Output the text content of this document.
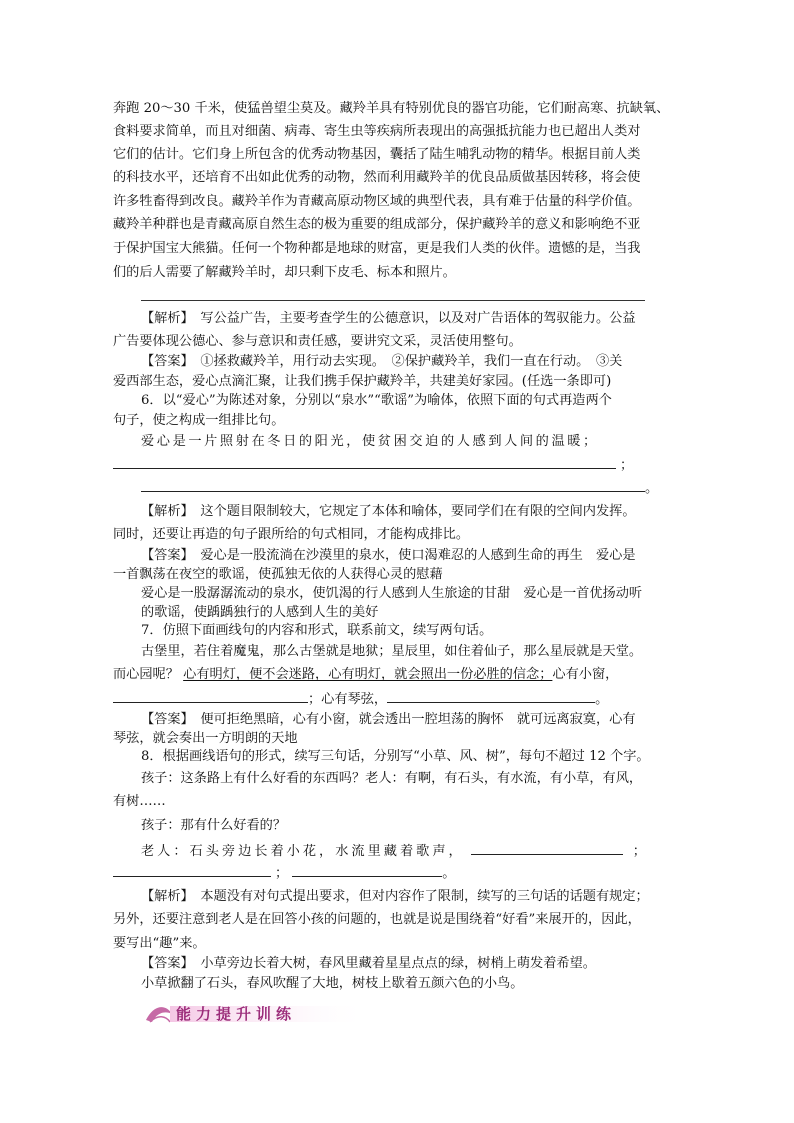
奔跑 20～30 千米，使猛兽望尘莫及。藏羚羊具有特别优良的器官功能，它们耐高寒、抗缺氧、
食料要求简单，而且对细菌、病毒、寄生虫等疾病所表现出的高强抵抗能力也已超出人类对
它们的估计。它们身上所包含的优秀动物基因，囊括了陆生哺乳动物的精华。根据目前人类
的科技水平，还培育不出如此优秀的动物，然而利用藏羚羊的优良品质做基因转移，将会使
许多牲畜得到改良。藏羚羊作为青藏高原动物区域的典型代表，具有难于估量的科学价值。
藏羚羊种群也是青藏高原自然生态的极为重要的组成部分，保护藏羚羊的意义和影响绝不亚
于保护国宝大熊猫。任何一个物种都是地球的财富，更是我们人类的伙伴。遗憾的是，当我
们的后人需要了解藏羚羊时，却只剩下皮毛、标本和照片。
【解析】　写公益广告，主要考查学生的公德意识，以及对广告语体的驾驭能力。公益
广告要体现公德心、参与意识和责任感，要讲究文采，灵活使用整句。
【答案】　①拯救藏羚羊，用行动去实现。　②保护藏羚羊，我们一直在行动。　③关
爱西部生态，爱心点滴汇聚，让我们携手保护藏羚羊，共建美好家园。(任选一条即可)
6．以“爱心”为陈述对象，分别以“泉水”“歌谣”为喻体，依照下面的句式再造两个
句子，使之构成一组排比句。
爱心是一片照射在冬日的阳光，使贫困交迫的人感到人间的温暖；
；
。
【解析】　这个题目限制较大，它规定了本体和喻体，要同学们在有限的空间内发挥。
同时，还要让再造的句子跟所给的句式相同，才能构成排比。
【答案】　爱心是一股流淌在沙漠里的泉水，使口渴难忍的人感到生命的再生　爱心是
一首飘荡在夜空的歌谣，使孤独无依的人获得心灵的慰藉
爱心是一股潺潺流动的泉水，使饥渴的行人感到人生旅途的甘甜　爱心是一首优扬动听
的歌谣，使踽踽独行的人感到人生的美好
7．仿照下面画线句的内容和形式，联系前文，续写两句话。
古堡里，若住着魔鬼，那么古堡就是地狱；星辰里，如住着仙子，那么星辰就是天堂。
而心园呢？ 心有明灯，便不会迷路，心有明灯，就会照出一份必胜的信念；心有小窗，
；心有琴弦，	。
【答案】　便可拒绝黑暗，心有小窗，就会透出一腔坦荡的胸怀　就可远离寂寞，心有
琴弦，就会奏出一方明朗的天地
8．根据画线语句的形式，续写三句话，分别写“小草、风、树”，每句不超过 12 个字。
孩子：这条路上有什么好看的东西吗？老人：有啊，有石头，有水流，有小草，有风，
有树……
孩子：那有什么好看的？
老人：石头旁边长着小花，水流里藏着歌声，	；
；	。
【解析】　本题没有对句式提出要求，但对内容作了限制，续写的三句话的话题有规定；
另外，还要注意到老人是在回答小孩的问题的，也就是说是围绕着“好看”来展开的，因此，
要写出“趣”来。
【答案】　小草旁边长着大树，春风里藏着星星点点的绿，树梢上萌发着希望。
小草掀翻了石头，春风吹醒了大地，树枝上歇着五颜六色的小鸟。
能力提升训练
